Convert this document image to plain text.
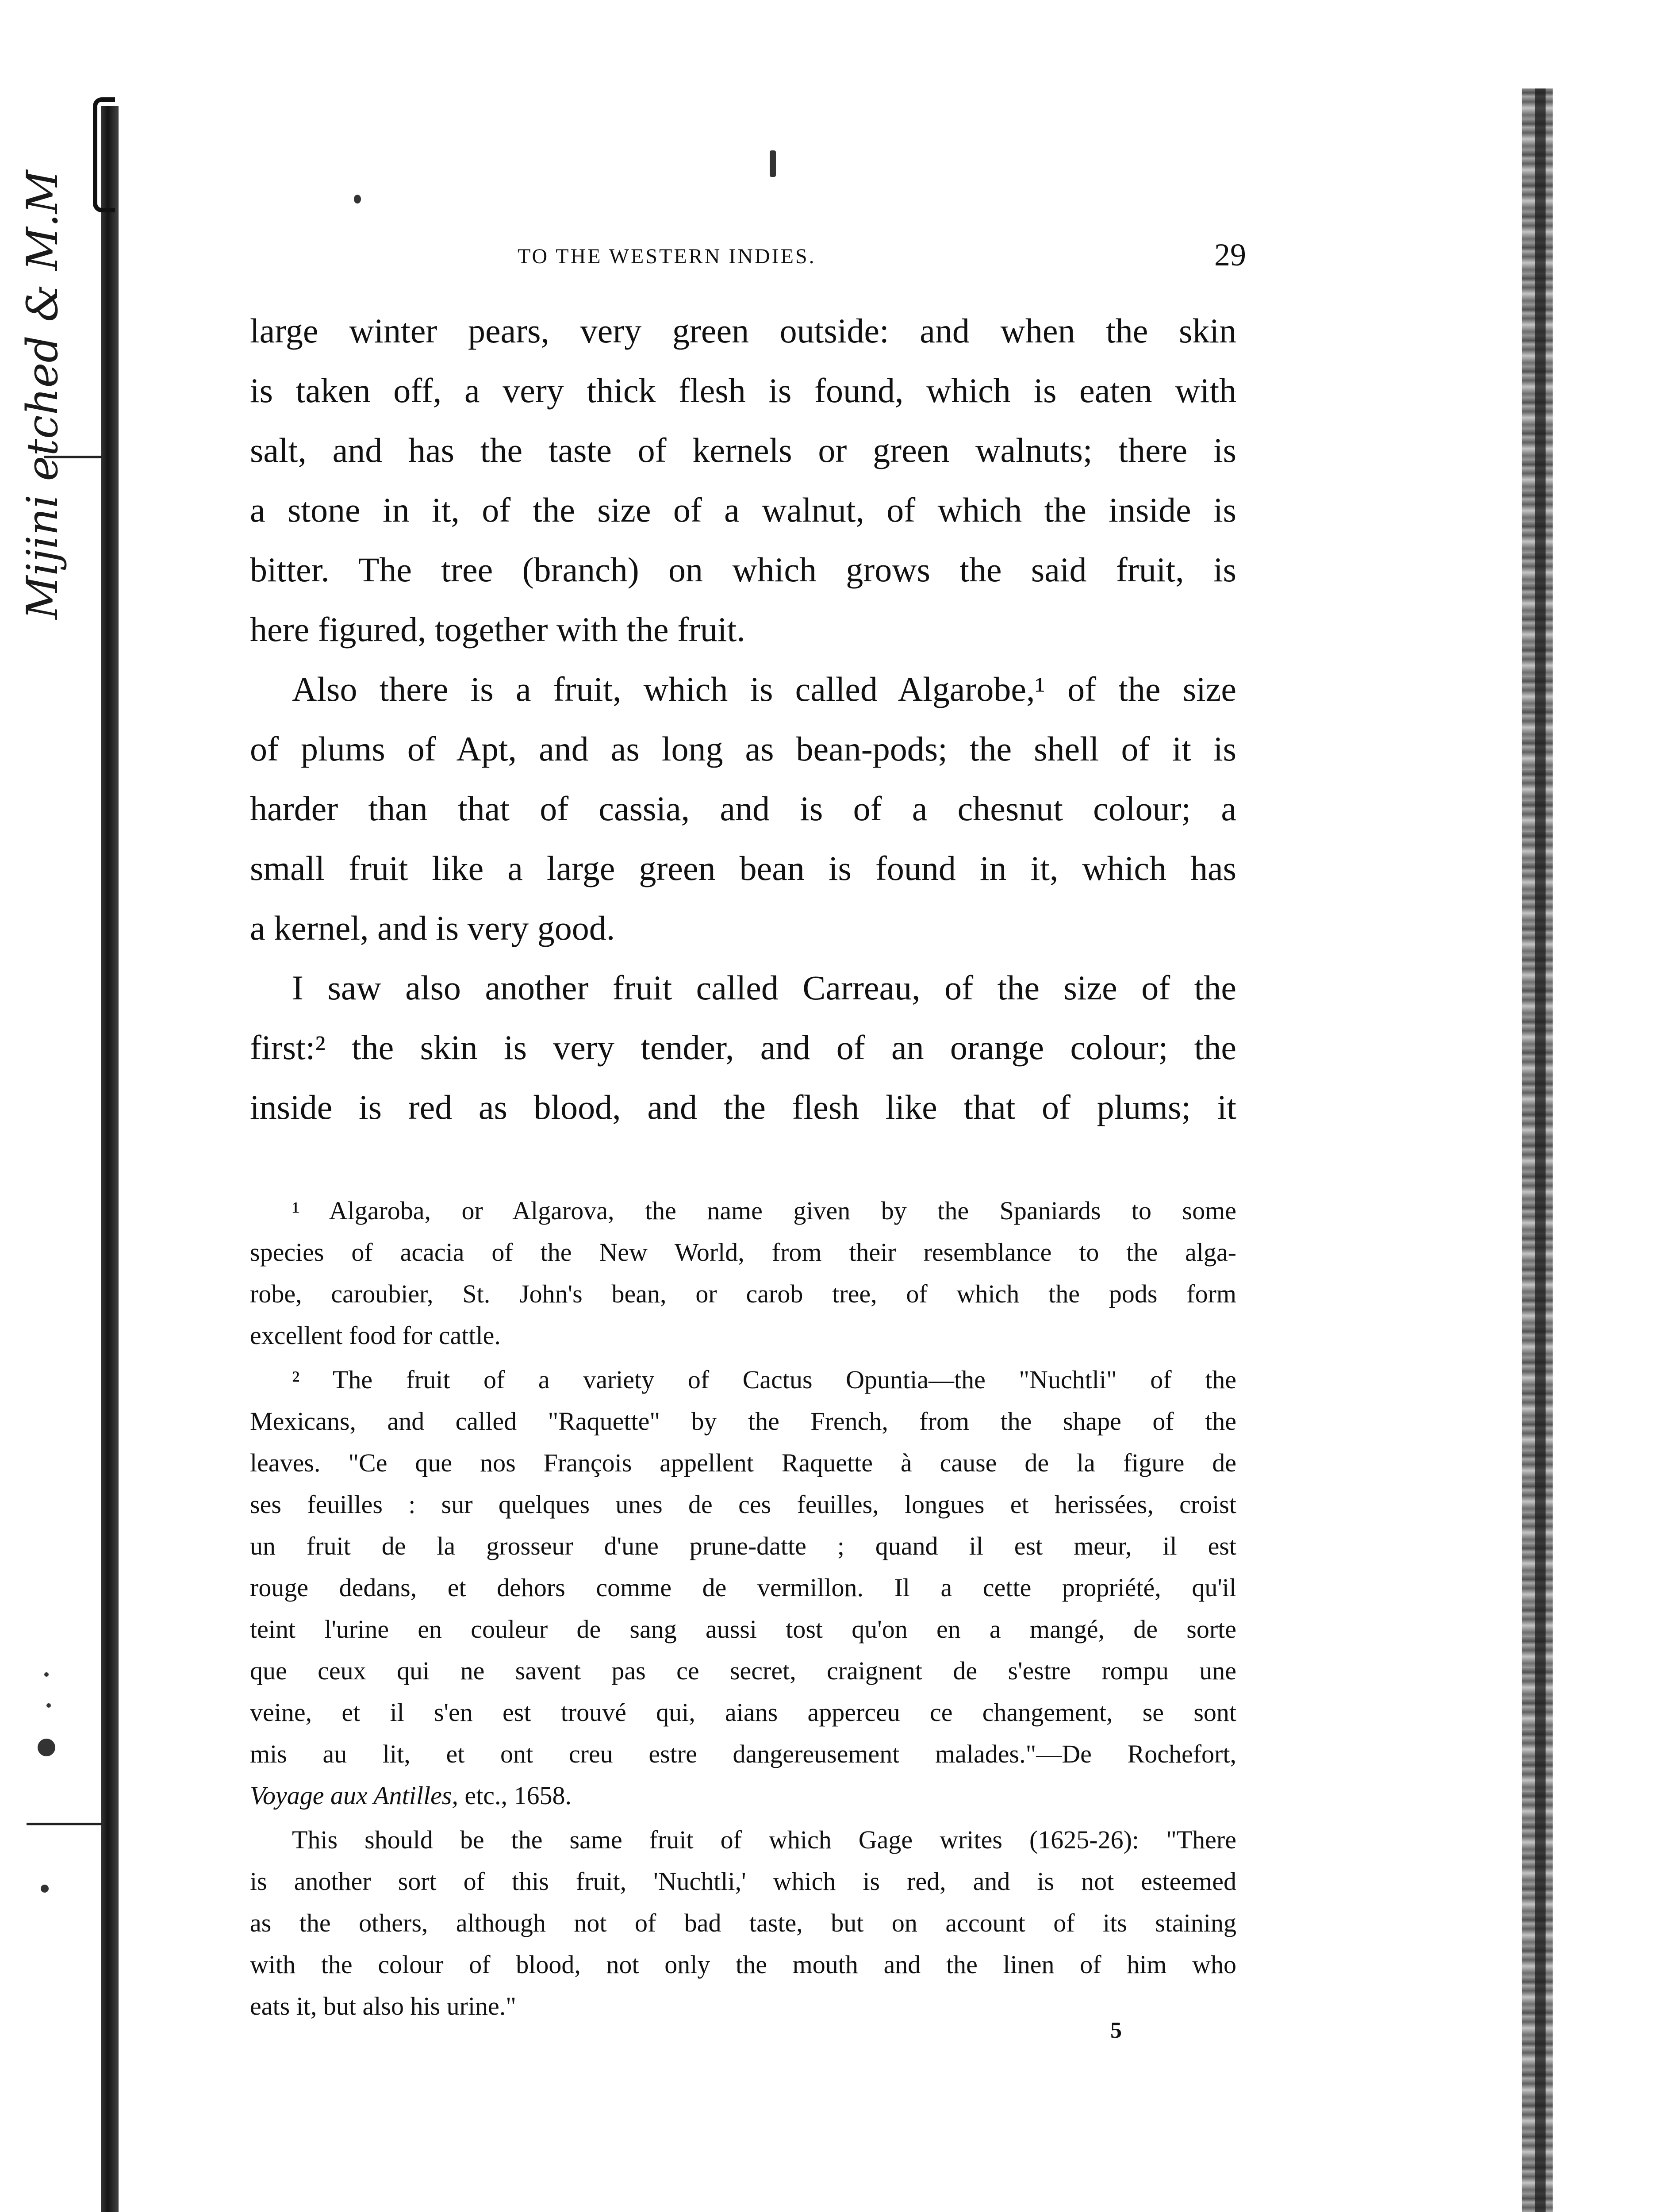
Mijini etched & M.M	TO THE WESTERN INDIES.	29
large winter pears, very green outside: and when the skin
is taken off, a very thick flesh is found, which is eaten with
salt, and has the taste of kernels or green walnuts; there is
a stone in it, of the size of a walnut, of which the inside is
bitter. The tree (branch) on which grows the said fruit, is
here figured, together with the fruit.
Also there is a fruit, which is called Algarobe,¹ of the size
of plums of Apt, and as long as bean-pods; the shell of it is
harder than that of cassia, and is of a chesnut colour; a
small fruit like a large green bean is found in it, which has
a kernel, and is very good.
I saw also another fruit called Carreau, of the size of the
first:² the skin is very tender, and of an orange colour; the
inside is red as blood, and the flesh like that of plums; it
¹ Algaroba, or Algarova, the name given by the Spaniards to some
species of acacia of the New World, from their resemblance to the alga-
robe, caroubier, St. John's bean, or carob tree, of which the pods form
excellent food for cattle.
² The fruit of a variety of Cactus Opuntia—the "Nuchtli" of the
Mexicans, and called "Raquette" by the French, from the shape of the
leaves. "Ce que nos François appellent Raquette à cause de la figure de
ses feuilles : sur quelques unes de ces feuilles, longues et herissées, croist
un fruit de la grosseur d'une prune-datte ; quand il est meur, il est
rouge dedans, et dehors comme de vermillon. Il a cette propriété, qu'il
teint l'urine en couleur de sang aussi tost qu'on en a mangé, de sorte
que ceux qui ne savent pas ce secret, craignent de s'estre rompu une
veine, et il s'en est trouvé qui, aians apperceu ce changement, se sont
mis au lit, et ont creu estre dangereusement malades."—De Rochefort,
Voyage aux Antilles, etc., 1658.
This should be the same fruit of which Gage writes (1625-26): "There
is another sort of this fruit, 'Nuchtli,' which is red, and is not esteemed
as the others, although not of bad taste, but on account of its staining
with the colour of blood, not only the mouth and the linen of him who
eats it, but also his urine."
5
